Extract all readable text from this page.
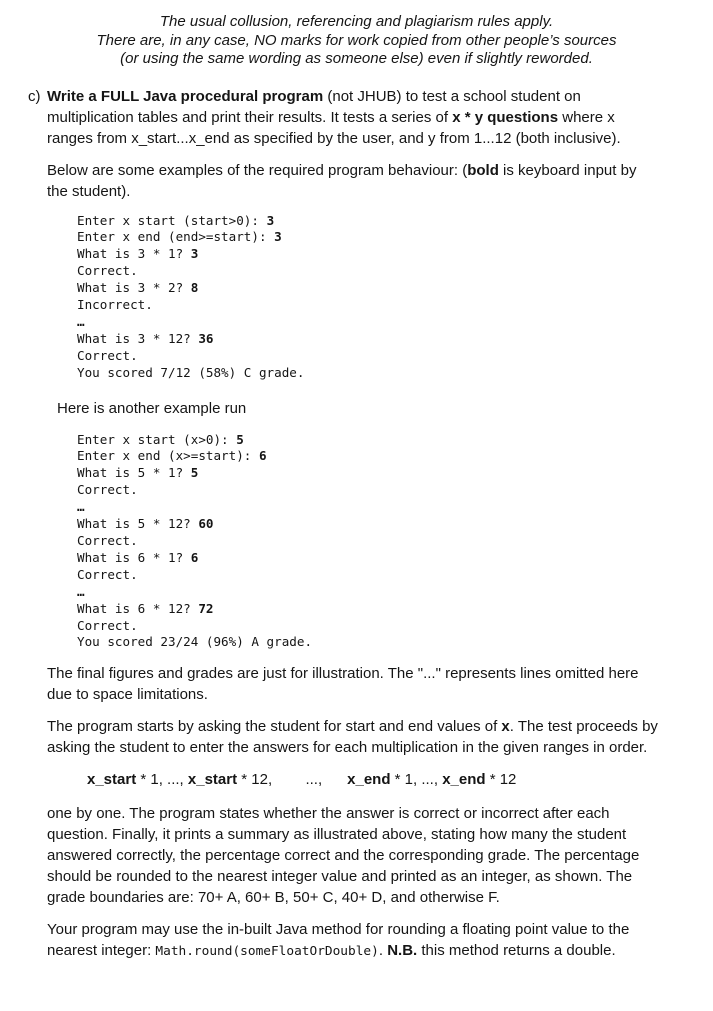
The usual collusion, referencing and plagiarism rules apply.
There are, in any case, NO marks for work copied from other people’s sources
(or using the same wording as someone else) even if slightly reworded.
c) Write a FULL Java procedural program (not JHUB) to test a school student on multiplication tables and print their results. It tests a series of x * y questions where x ranges from x_start...x_end as specified by the user, and y from 1...12 (both inclusive).

Below are some examples of the required program behaviour: (bold is keyboard input by the student).

Enter x start (start>0): 3
Enter x end (end>=start): 3
What is 3 * 1? 3
Correct.
What is 3 * 2? 8
Incorrect.
…
What is 3 * 12? 36
Correct.
You scored 7/12 (58%) C grade.

Here is another example run

Enter x start (x>0): 5
Enter x end (x>=start): 6
What is 5 * 1? 5
Correct.
…
What is 5 * 12? 60
Correct.
What is 6 * 1? 6
Correct.
…
What is 6 * 12? 72
Correct.
You scored 23/24 (96%) A grade.

The final figures and grades are just for illustration. The "..." represents lines omitted here due to space limitations.

The program starts by asking the student for start and end values of x. The test proceeds by asking the student to enter the answers for each multiplication in the given ranges in order.

x_start * 1, ..., x_start * 12,        ...,      x_end * 1, ..., x_end * 12

one by one. The program states whether the answer is correct or incorrect after each question. Finally, it prints a summary as illustrated above, stating how many the student answered correctly, the percentage correct and the corresponding grade. The percentage should be rounded to the nearest integer value and printed as an integer, as shown. The grade boundaries are: 70+ A, 60+ B, 50+ C, 40+ D, and otherwise F.

Your program may use the in-built Java method for rounding a floating point value to the nearest integer: Math.round(someFloatOrDouble). N.B. this method returns a double.
